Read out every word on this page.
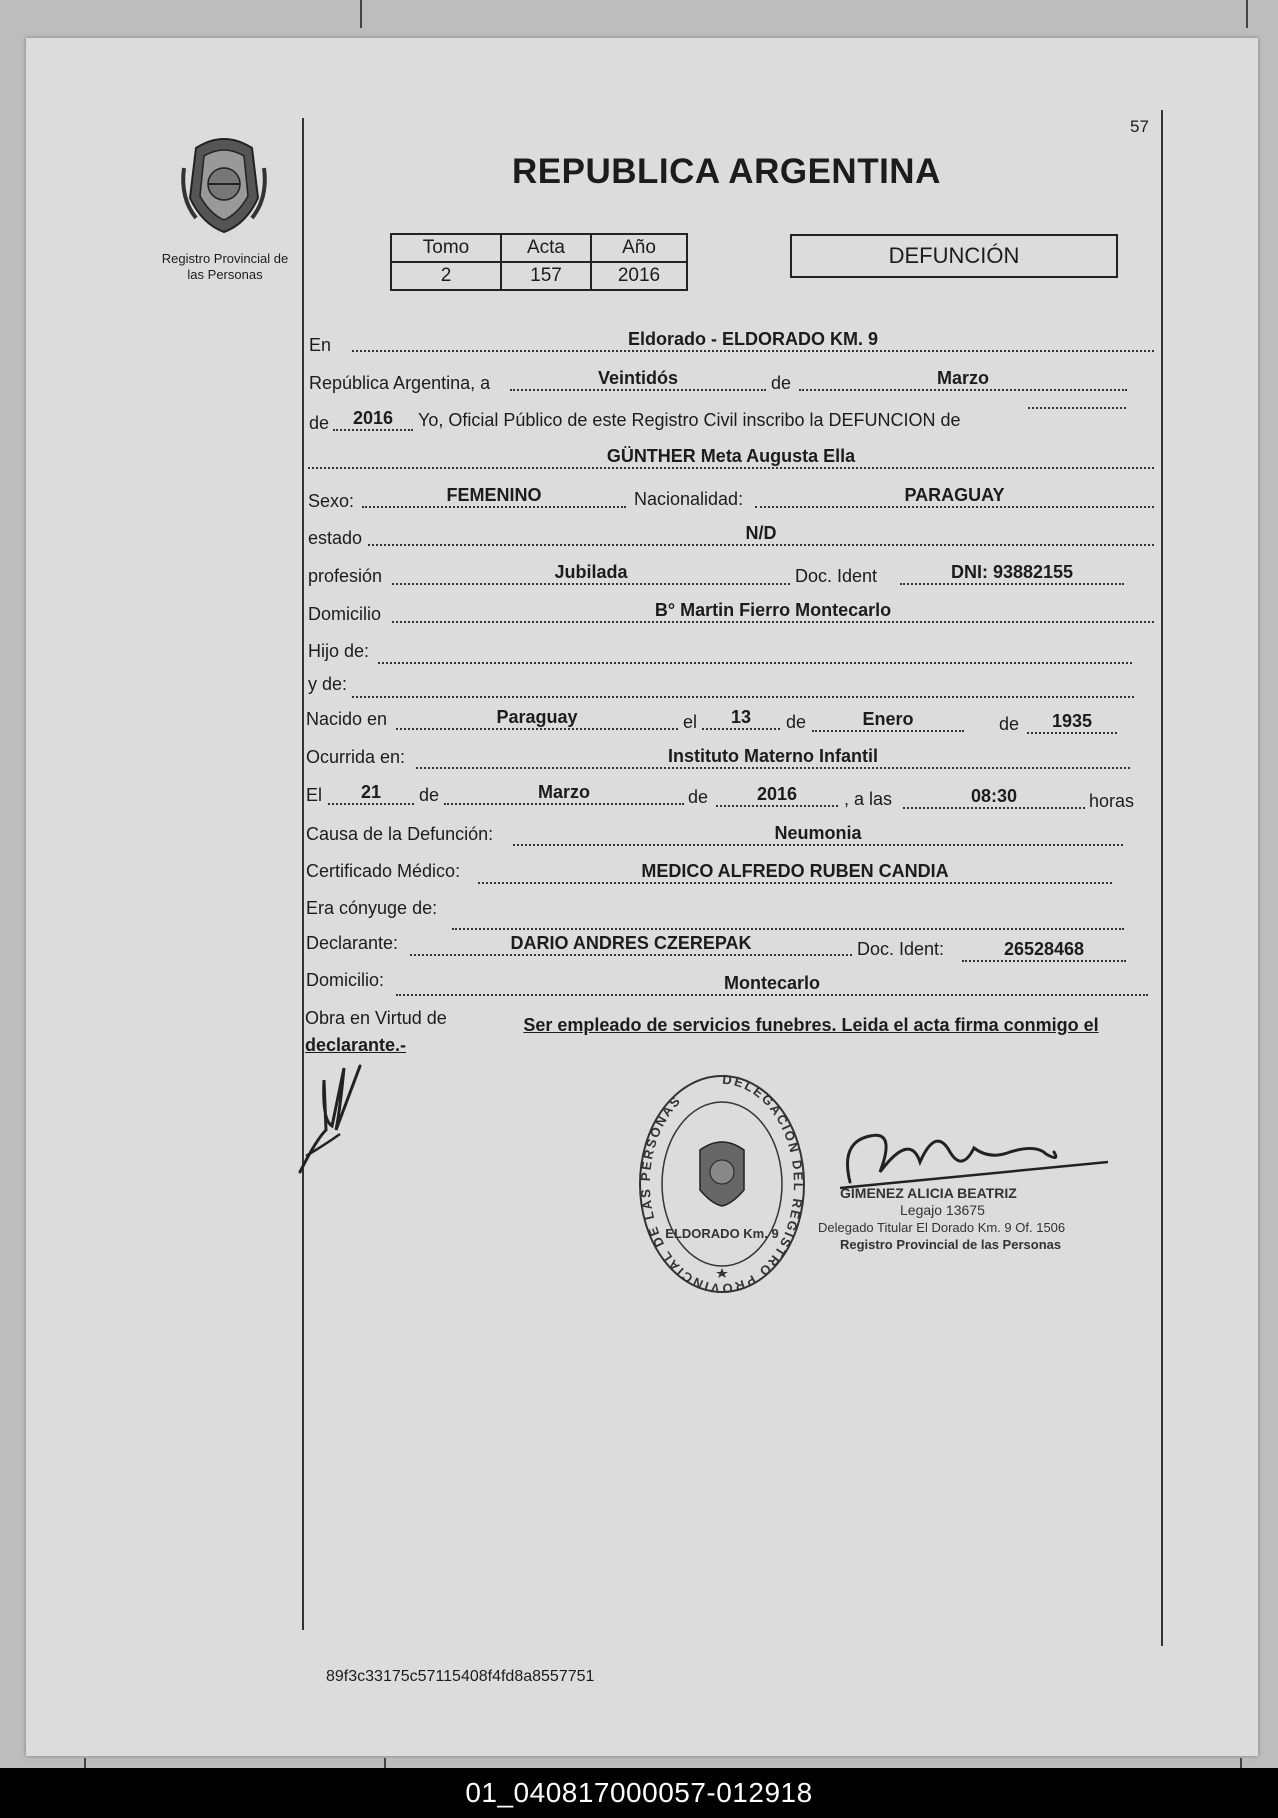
57
Registro Provincial de
las Personas
REPUBLICA ARGENTINA
Tomo	Acta	Año
2	157	2016
DEFUNCIÓN
En	Eldorado - ELDORADO KM. 9
República Argentina, a	Veintidós	de	Marzo
de	2016	Yo, Oficial Público de este Registro Civil inscribo la DEFUNCION de
GÜNTHER Meta Augusta Ella
Sexo:	FEMENINO	Nacionalidad:	PARAGUAY
estado	N/D
profesión	Jubilada	Doc. Ident	DNI: 93882155
Domicilio	B° Martin Fierro Montecarlo
Hijo de:
y de:
Nacido en	Paraguay	el	13	de	Enero	de	1935
Ocurrida en:	Instituto Materno Infantil
El	21	de	Marzo	de	2016	, a las	08:30	horas
Causa de la Defunción:	Neumonia
Certificado Médico:	MEDICO ALFREDO RUBEN CANDIA
Era cónyuge de:
Declarante:	DARIO ANDRES CZEREPAK	Doc. Ident:	26528468
Domicilio:	Montecarlo
Obra en Virtud de	Ser empleado de servicios funebres. Leida el acta firma conmigo el
declarante.-
DELEGACION DEL REGISTRO PROVINCIAL DE LAS PERSONAS
ELDORADO Km. 9
GIMENEZ ALICIA BEATRIZ
Legajo 13675
Delegado Titular El Dorado Km. 9 Of. 1506
Registro Provincial de las Personas
89f3c33175c57115408f4fd8a8557751
01_040817000057-012918
